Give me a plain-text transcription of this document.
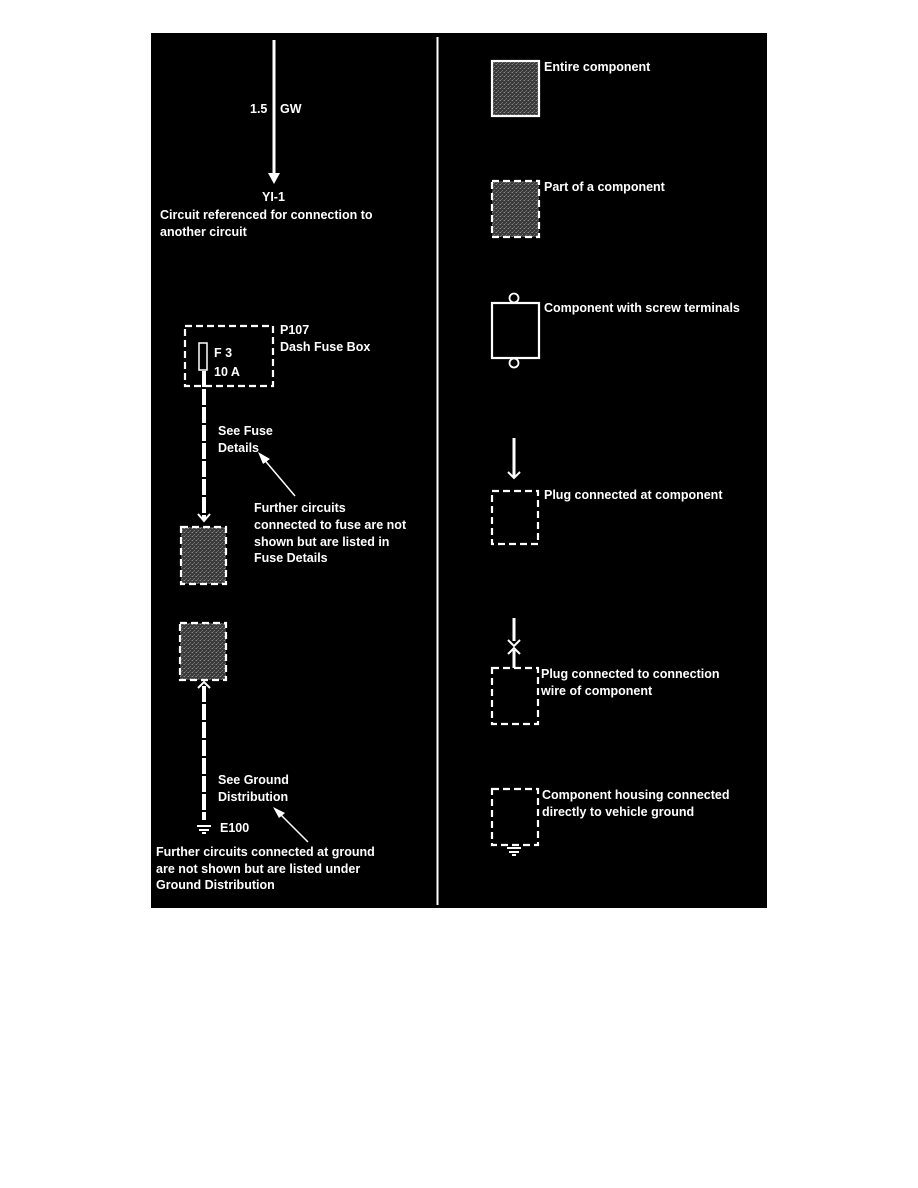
1.5 GW
YI-1
Circuit referenced for connection to
another circuit
F 3
10 A
P107
Dash Fuse Box
See Fuse
Details
Further circuits
connected to fuse are not
shown but are listed in
Fuse Details
See Ground
Distribution
E100
Further circuits connected at ground
are not shown but are listed under
Ground Distribution
Entire component
Part of a component
Component with screw terminals
Plug connected at component
Plug connected to connection
wire of component
Component housing connected
directly to vehicle ground
